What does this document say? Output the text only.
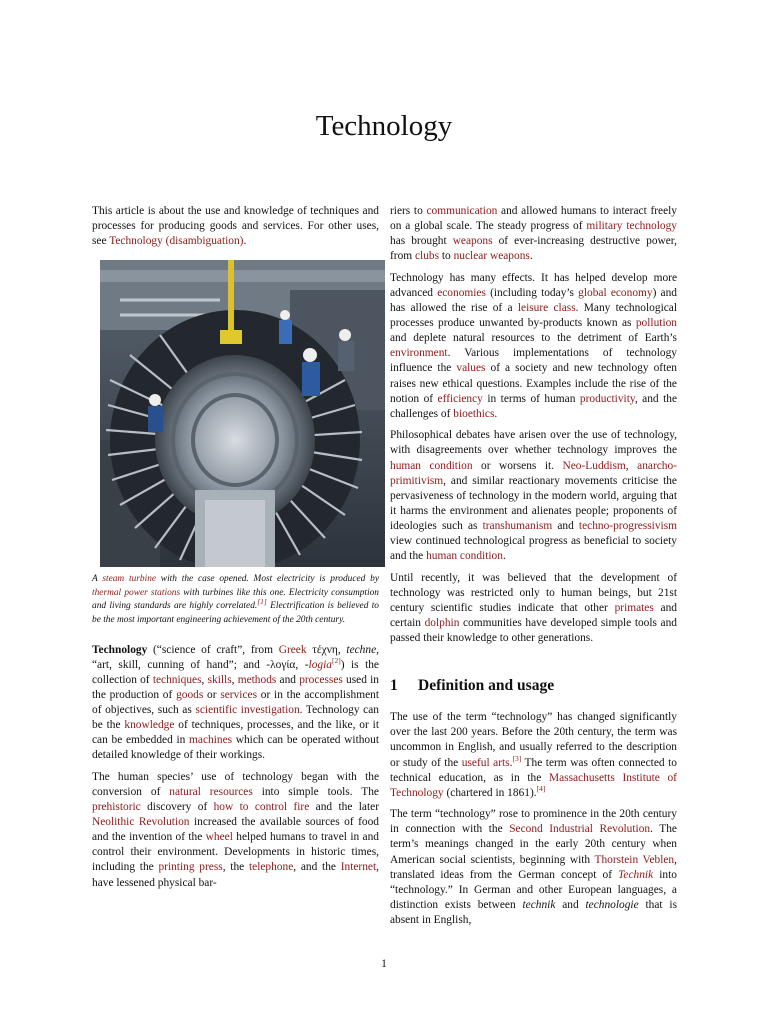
Technology

This article is about the use and knowledge of techniques and processes for producing goods and services. For other uses, see Technology (disambiguation).

A steam turbine with the case opened. Most electricity is produced by thermal power stations with turbines like this one. Electricity consumption and living standards are highly correlated.[1] Electrification is believed to be the most important engineering achievement of the 20th century.

Technology (“science of craft”, from Greek τέχνη, techne, “art, skill, cunning of hand”; and -λογία, -logia[2]) is the collection of techniques, skills, methods and processes used in the production of goods or services or in the accomplishment of objectives, such as scientific investigation. Technology can be the knowledge of techniques, processes, and the like, or it can be embedded in machines which can be operated without detailed knowledge of their workings.

The human species’ use of technology began with the conversion of natural resources into simple tools. The prehistoric discovery of how to control fire and the later Neolithic Revolution increased the available sources of food and the invention of the wheel helped humans to travel in and control their environment. Developments in historic times, including the printing press, the telephone, and the Internet, have lessened physical bar-

riers to communication and allowed humans to interact freely on a global scale. The steady progress of military technology has brought weapons of ever-increasing destructive power, from clubs to nuclear weapons.

Technology has many effects. It has helped develop more advanced economies (including today’s global economy) and has allowed the rise of a leisure class. Many technological processes produce unwanted by-products known as pollution and deplete natural resources to the detriment of Earth’s environment. Various implementations of technology influence the values of a society and new technology often raises new ethical questions. Examples include the rise of the notion of efficiency in terms of human productivity, and the challenges of bioethics.

Philosophical debates have arisen over the use of technology, with disagreements over whether technology improves the human condition or worsens it. Neo-Luddism, anarcho-primitivism, and similar reactionary movements criticise the pervasiveness of technology in the modern world, arguing that it harms the environment and alienates people; proponents of ideologies such as transhumanism and techno-progressivism view continued technological progress as beneficial to society and the human condition.

Until recently, it was believed that the development of technology was restricted only to human beings, but 21st century scientific studies indicate that other primates and certain dolphin communities have developed simple tools and passed their knowledge to other generations.

1 Definition and usage

The use of the term “technology” has changed significantly over the last 200 years. Before the 20th century, the term was uncommon in English, and usually referred to the description or study of the useful arts.[3] The term was often connected to technical education, as in the Massachusetts Institute of Technology (chartered in 1861).[4]

The term “technology” rose to prominence in the 20th century in connection with the Second Industrial Revolution. The term’s meanings changed in the early 20th century when American social scientists, beginning with Thorstein Veblen, translated ideas from the German concept of Technik into “technology.” In German and other European languages, a distinction exists between technik and technologie that is absent in English,

1
